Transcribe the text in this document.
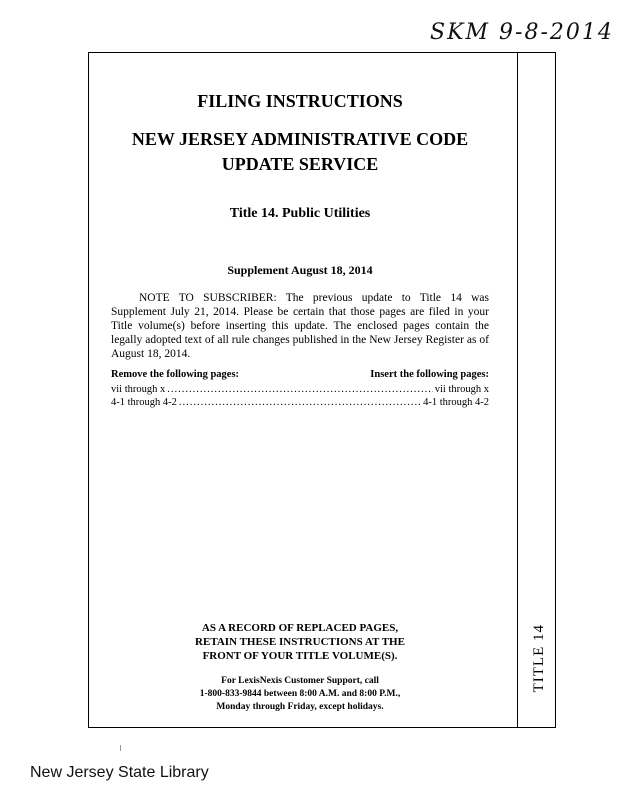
SKM 9-8-2014
FILING INSTRUCTIONS
NEW JERSEY ADMINISTRATIVE CODE
UPDATE SERVICE
Title 14. Public Utilities
Supplement August 18, 2014
NOTE TO SUBSCRIBER: The previous update to Title 14 was Supplement July 21, 2014. Please be certain that those pages are filed in your Title volume(s) before inserting this update. The enclosed pages contain the legally adopted text of all rule changes published in the New Jersey Register as of August 18, 2014.
Remove the following pages:	Insert the following pages:
vii through x .....	vii through x
4-1 through 4-2 .....	4-1 through 4-2
AS A RECORD OF REPLACED PAGES,
RETAIN THESE INSTRUCTIONS AT THE
FRONT OF YOUR TITLE VOLUME(S).
For LexisNexis Customer Support, call
1-800-833-9844 between 8:00 A.M. and 8:00 P.M.,
Monday through Friday, except holidays.
TITLE 14
New Jersey State Library
